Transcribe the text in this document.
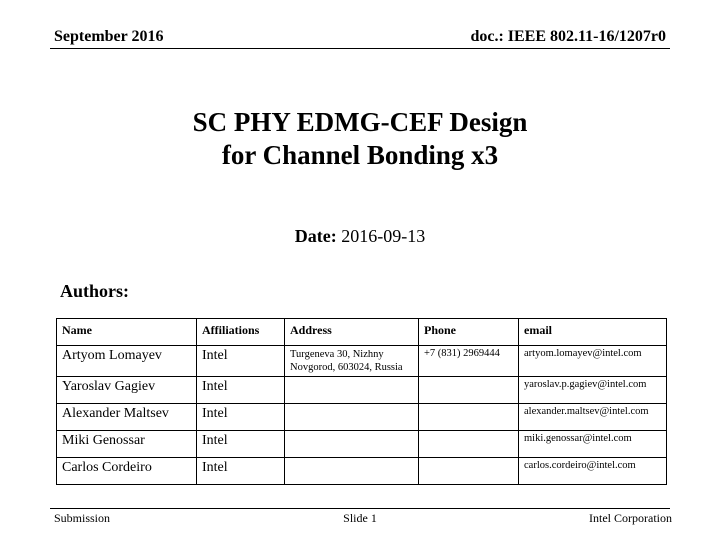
September 2016	doc.: IEEE 802.11-16/1207r0
SC PHY EDMG-CEF Design
for Channel Bonding x3
Date: 2016-09-13
Authors:
Name	Affiliations	Address	Phone	email
Artyom Lomayev	Intel	Turgeneva 30, Nizhny Novgorod, 603024, Russia	+7 (831) 2969444	artyom.lomayev@intel.com
Yaroslav Gagiev	Intel			yaroslav.p.gagiev@intel.com
Alexander Maltsev	Intel			alexander.maltsev@intel.com
Miki Genossar	Intel			miki.genossar@intel.com
Carlos Cordeiro	Intel			carlos.cordeiro@intel.com
Submission	Slide 1	Intel Corporation
